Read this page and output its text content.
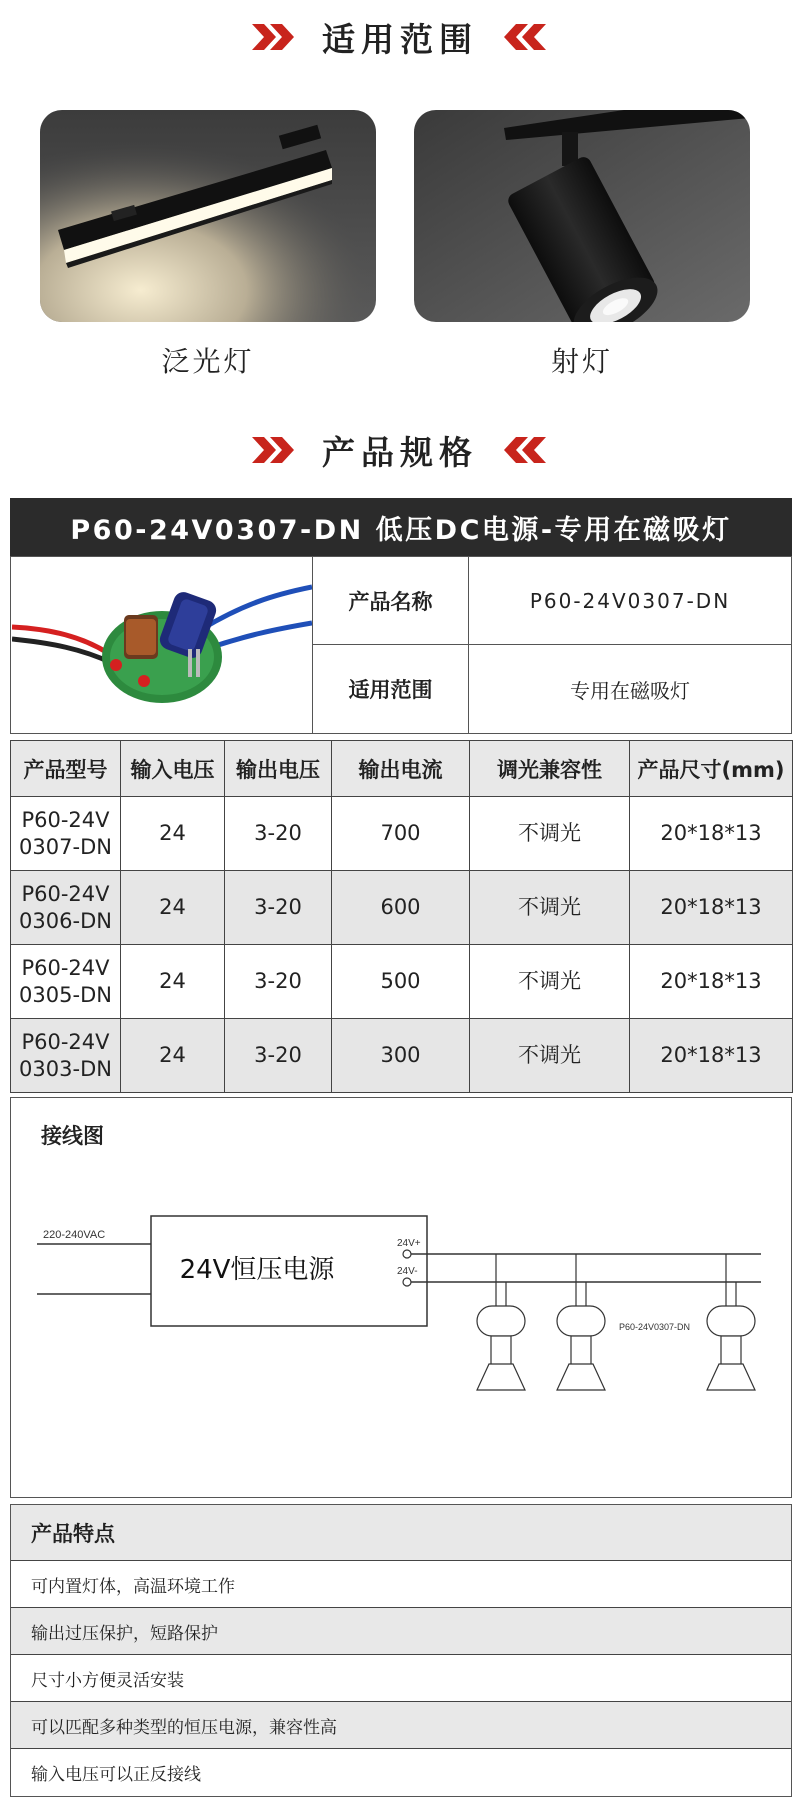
适用范围
泛光灯	射灯
产品规格
P60-24V0307-DN 低压DC电源-专用在磁吸灯
产品名称	P60-24V0307-DN
适用范围	专用在磁吸灯
产品型号	输入电压	输出电压	输出电流	调光兼容性	产品尺寸(mm)
P60-24V
0307-DN	24	3-20	700	不调光	20*18*13
P60-24V
0306-DN	24	3-20	600	不调光	20*18*13
P60-24V
0305-DN	24	3-20	500	不调光	20*18*13
P60-24V
0303-DN	24	3-20	300	不调光	20*18*13
接线图
220-240VAC
24V恒压电源
24V+
24V-
P60-24V0307-DN
产品特点
可内置灯体，高温环境工作
输出过压保护，短路保护
尺寸小方便灵活安装
可以匹配多种类型的恒压电源，兼容性高
输入电压可以正反接线
